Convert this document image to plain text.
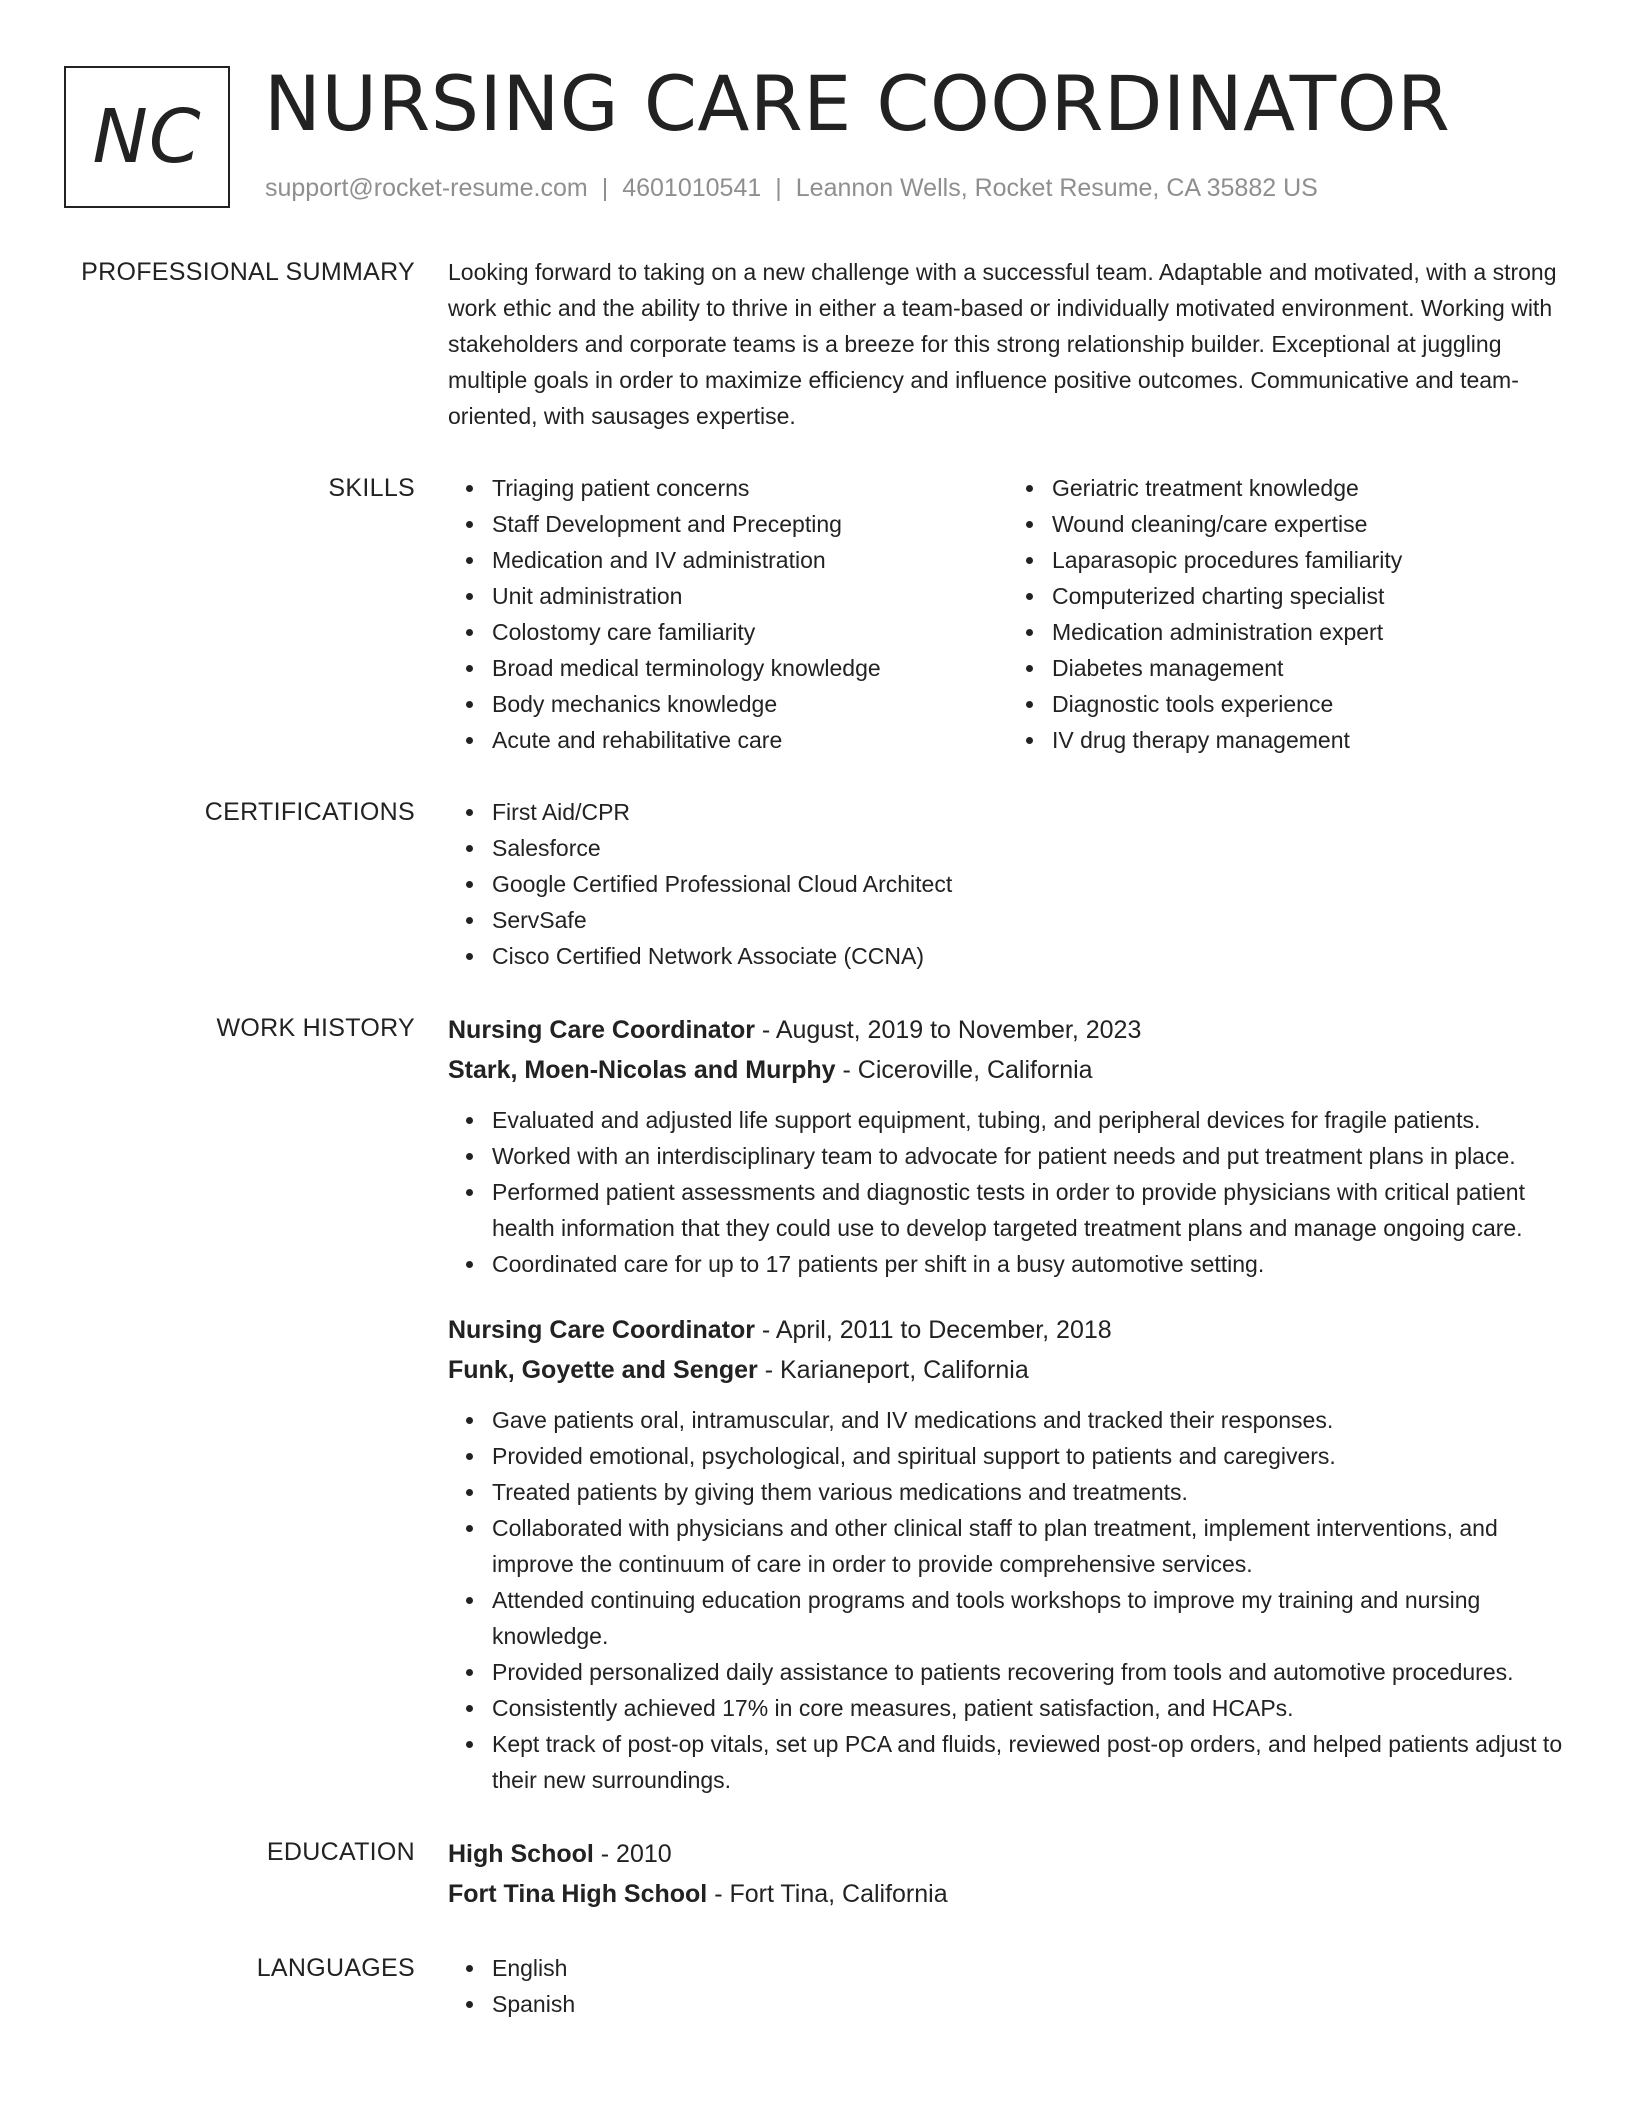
NC NURSING CARE COORDINATOR
support@rocket-resume.com | 4601010541 | Leannon Wells, Rocket Resume, CA 35882 US
PROFESSIONAL SUMMARY Looking forward to taking on a new challenge with a successful team. Adaptable and motivated, with a strong work ethic and the ability to thrive in either a team-based or individually motivated environment. Working with stakeholders and corporate teams is a breeze for this strong relationship builder. Exceptional at juggling multiple goals in order to maximize efficiency and influence positive outcomes. Communicative and team-oriented, with sausages expertise.

SKILLS	Triaging patient concerns
Staff Development and Precepting
Medication and IV administration
Unit administration
Colostomy care familiarity
Broad medical terminology knowledge
Body mechanics knowledge
Acute and rehabilitative care
Geriatric treatment knowledge
Wound cleaning/care expertise
Laparasopic procedures familiarity
Computerized charting specialist
Medication administration expert
Diabetes management
Diagnostic tools experience
IV drug therapy management
CERTIFICATIONS	First Aid/CPR
Salesforce
Google Certified Professional Cloud Architect
ServSafe
Cisco Certified Network Associate (CCNA)
WORK HISTORY Nursing Care Coordinator - August, 2019 to November, 2023
Stark, Moen-Nicolas and Murphy - Ciceroville, California
Evaluated and adjusted life support equipment, tubing, and peripheral devices for fragile patients.
Worked with an interdisciplinary team to advocate for patient needs and put treatment plans in place.
Performed patient assessments and diagnostic tests in order to provide physicians with critical patient health information that they could use to develop targeted treatment plans and manage ongoing care.
Coordinated care for up to 17 patients per shift in a busy automotive setting.
Nursing Care Coordinator - April, 2011 to December, 2018
Funk, Goyette and Senger - Karianeport, California
Gave patients oral, intramuscular, and IV medications and tracked their responses.
Provided emotional, psychological, and spiritual support to patients and caregivers.
Treated patients by giving them various medications and treatments.
Collaborated with physicians and other clinical staff to plan treatment, implement interventions, and improve the continuum of care in order to provide comprehensive services.
Attended continuing education programs and tools workshops to improve my training and nursing knowledge.
Provided personalized daily assistance to patients recovering from tools and automotive procedures.
Consistently achieved 17% in core measures, patient satisfaction, and HCAPs.
Kept track of post-op vitals, set up PCA and fluids, reviewed post-op orders, and helped patients adjust to their new surroundings.
EDUCATION High School - 2010
Fort Tina High School - Fort Tina, California
LANGUAGES	English
Spanish
